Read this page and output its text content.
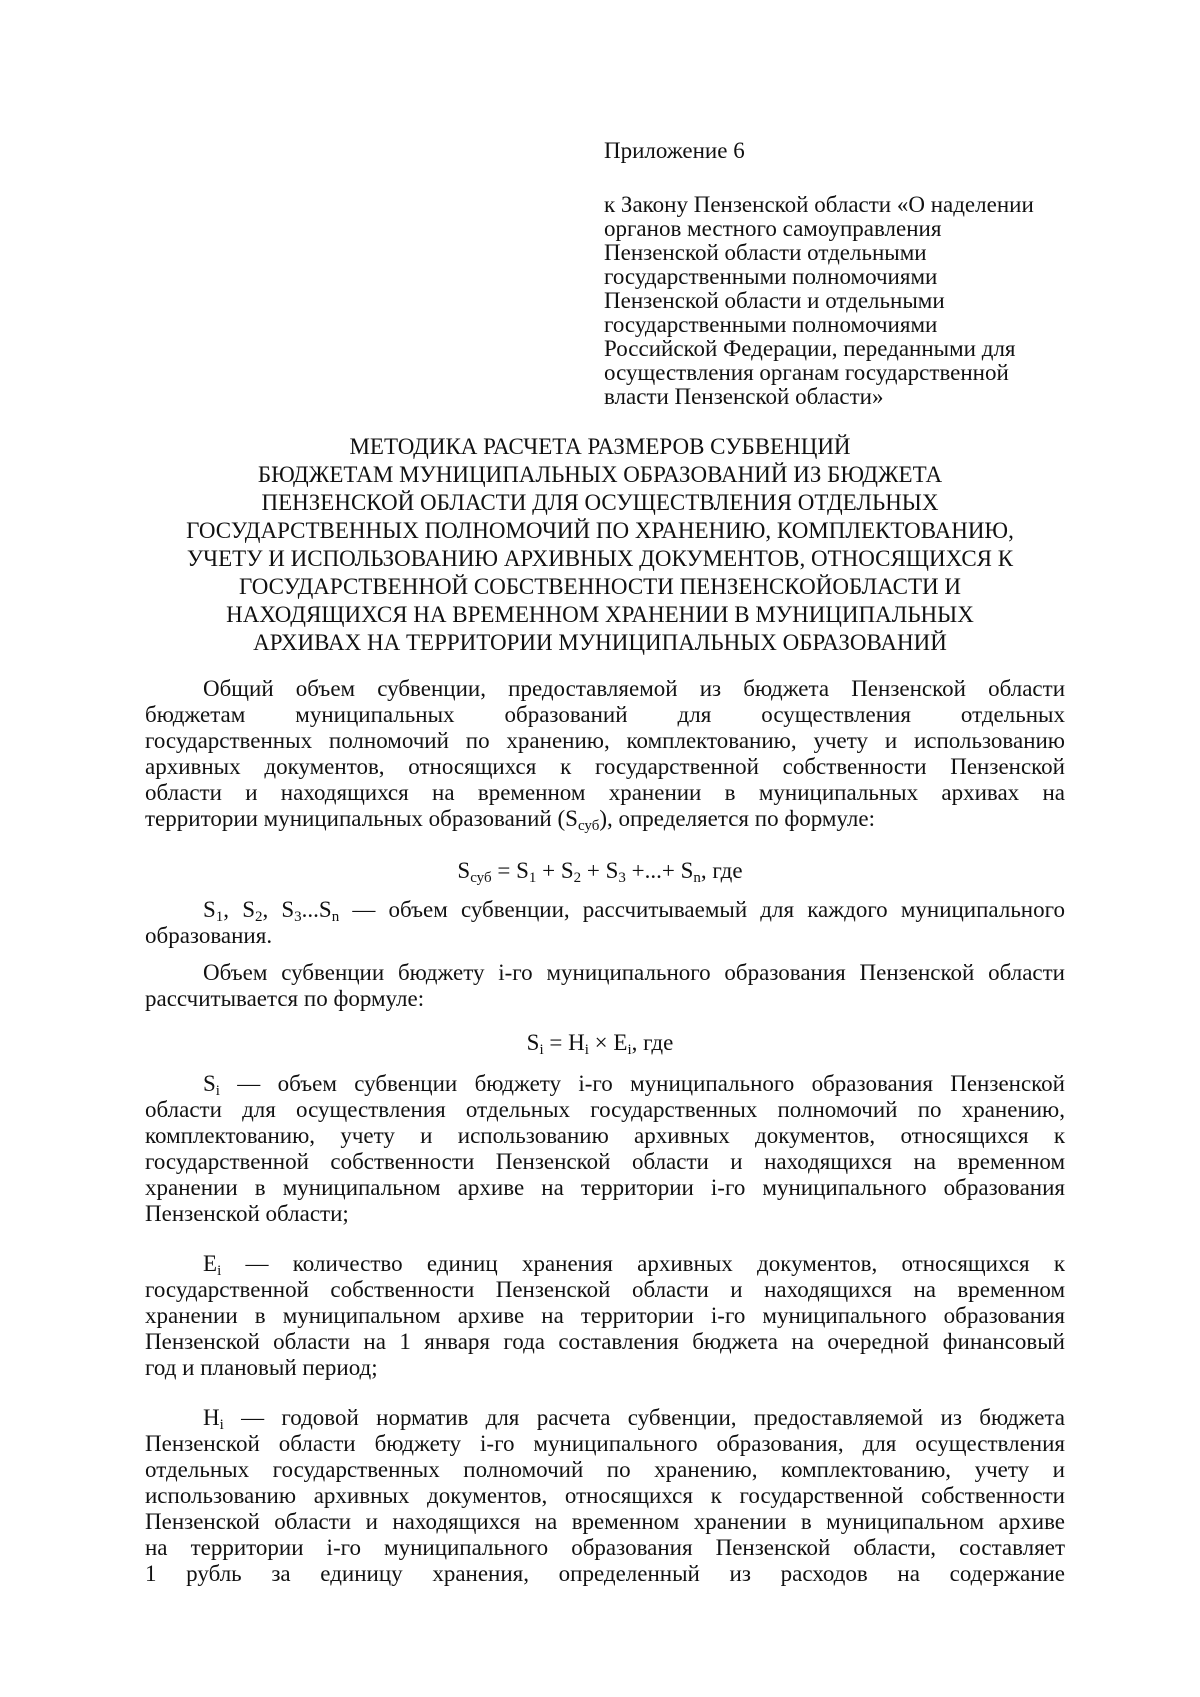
Приложение 6
к Закону Пензенской области «О наделении
органов местного самоуправления
Пензенской области отдельными
государственными полномочиями
Пензенской области и отдельными
государственными полномочиями
Российской Федерации, переданными для
осуществления органам государственной
власти Пензенской области»
МЕТОДИКА РАСЧЕТА РАЗМЕРОВ СУБВЕНЦИЙ
БЮДЖЕТАМ МУНИЦИПАЛЬНЫХ ОБРАЗОВАНИЙ ИЗ БЮДЖЕТА
ПЕНЗЕНСКОЙ ОБЛАСТИ ДЛЯ ОСУЩЕСТВЛЕНИЯ ОТДЕЛЬНЫХ
ГОСУДАРСТВЕННЫХ ПОЛНОМОЧИЙ ПО ХРАНЕНИЮ, КОМПЛЕКТОВАНИЮ,
УЧЕТУ И ИСПОЛЬЗОВАНИЮ АРХИВНЫХ ДОКУМЕНТОВ, ОТНОСЯЩИХСЯ К
ГОСУДАРСТВЕННОЙ СОБСТВЕННОСТИ ПЕНЗЕНСКОЙОБЛАСТИ И
НАХОДЯЩИХСЯ НА ВРЕМЕННОМ ХРАНЕНИИ В МУНИЦИПАЛЬНЫХ
АРХИВАХ НА ТЕРРИТОРИИ МУНИЦИПАЛЬНЫХ ОБРАЗОВАНИЙ
Общий объем субвенции, предоставляемой из бюджета Пензенской области
бюджетам муниципальных образований для осуществления отдельных
государственных полномочий по хранению, комплектованию, учету и использованию
архивных документов, относящихся к государственной собственности Пензенской
области и находящихся на временном хранении в муниципальных архивах на
территории муниципальных образований $(S_{суб})$, определяется по формуле:
$S_{суб} = S_1 + S_2 + S_3$ +...+ $S_n$, где
$S_1$, $S_2$, $S_3...S_n$ — объем субвенции, рассчитываемый для каждого муниципального
образования.
Объем субвенции бюджету i-го муниципального образования Пензенской области
рассчитывается по формуле:
$S_i = H_i \times E_i$, где
$S_i$ — объем субвенции бюджету i-го муниципального образования Пензенской
области для осуществления отдельных государственных полномочий по хранению,
комплектованию, учету и использованию архивных документов, относящихся к
государственной собственности Пензенской области и находящихся на временном
хранении в муниципальном архиве на территории i-го муниципального образования
Пензенской области;
$E_i$ — количество единиц хранения архивных документов, относящихся к
государственной собственности Пензенской области и находящихся на временном
хранении в муниципальном архиве на территории i-го муниципального образования
Пензенской области на 1 января года составления бюджета на очередной финансовый
год и плановый период;
$H_i$ — годовой норматив для расчета субвенции, предоставляемой из бюджета
Пензенской области бюджету i-го муниципального образования, для осуществления
отдельных государственных полномочий по хранению, комплектованию, учету и
использованию архивных документов, относящихся к государственной собственности
Пензенской области и находящихся на временном хранении в муниципальном архиве
на территории i-го муниципального образования Пензенской области, составляет
1 рубль за единицу хранения, определенный из расходов на содержание
